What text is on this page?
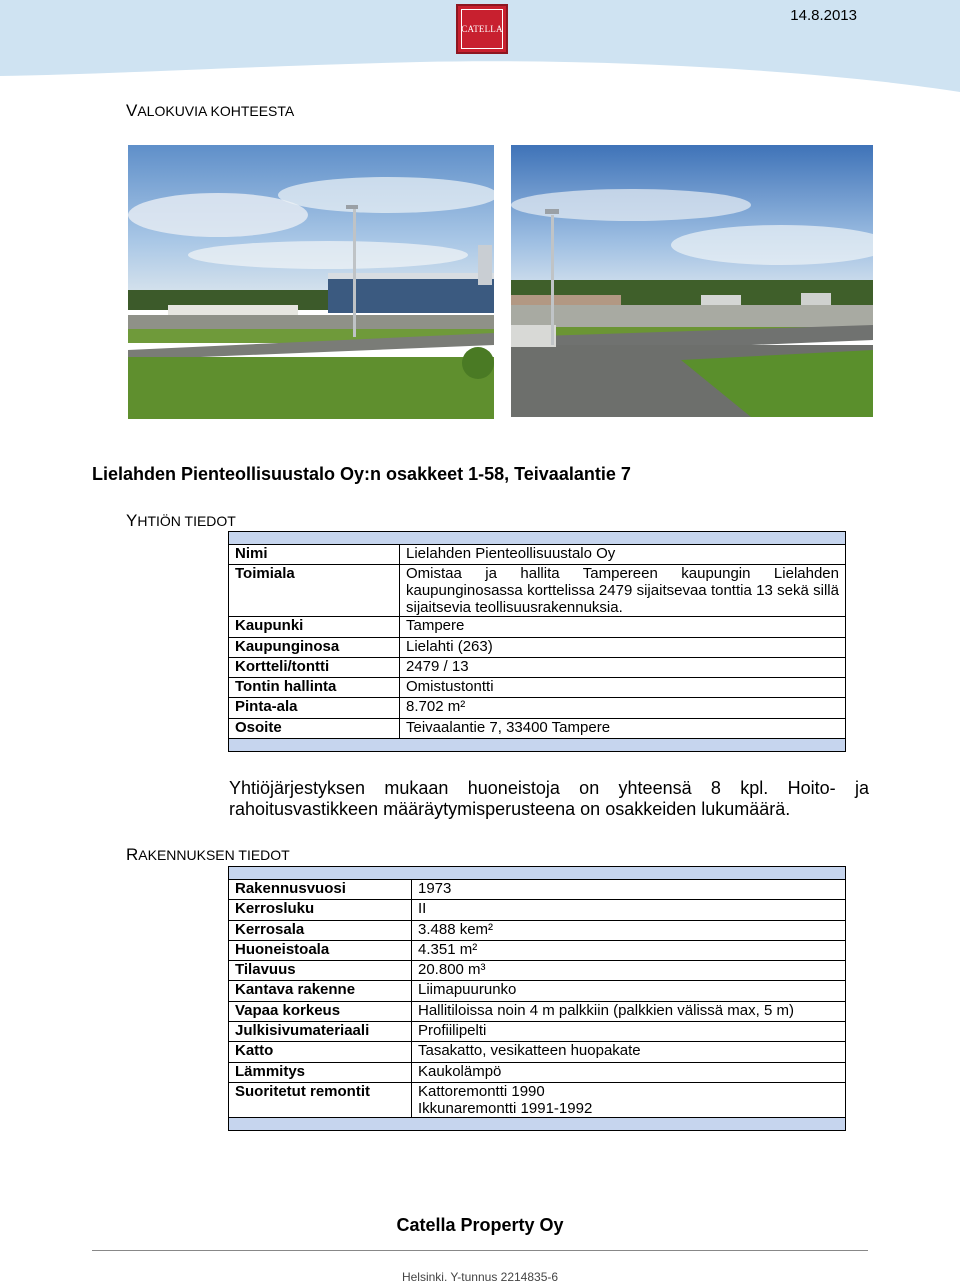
CATELLA
14.8.2013
VALOKUVIA KOHTEESTA
Lielahden Pienteollisuustalo Oy:n osakkeet 1-58, Teivaalantie 7
YHTIÖN TIEDOT

Nimi	Lielahden Pienteollisuustalo Oy
Toimiala	Omistaa ja hallita Tampereen kaupungin Lielahden kaupunginosassa korttelissa 2479 sijaitsevaa tonttia 13 sekä sillä sijaitsevia teollisuusrakennuksia.
Kaupunki	Tampere
Kaupunginosa	Lielahti (263)
Kortteli/tontti	2479 / 13
Tontin hallinta	Omistustontti
Pinta-ala	8.702 m²
Osoite	Teivaalantie 7, 33400 Tampere

Yhtiöjärjestyksen mukaan huoneistoja on yhteensä 8 kpl. Hoito- ja rahoitusvastikkeen määräytymisperusteena on osakkeiden lukumäärä.
RAKENNUKSEN TIEDOT

Rakennusvuosi	1973
Kerrosluku	II
Kerrosala	3.488 kem²
Huoneistoala	4.351 m²
Tilavuus	20.800 m³
Kantava rakenne	Liimapuurunko
Vapaa korkeus	Hallitiloissa noin 4 m palkkiin (palkkien välissä max, 5 m)
Julkisivumateriaali	Profiilipelti
Katto	Tasakatto, vesikatteen huopakate
Lämmitys	Kaukolämpö
Suoritetut remontit	Kattoremontti 1990
Ikkunaremontti 1991-1992

Catella Property Oy
Helsinki. Y-tunnus 2214835-6
